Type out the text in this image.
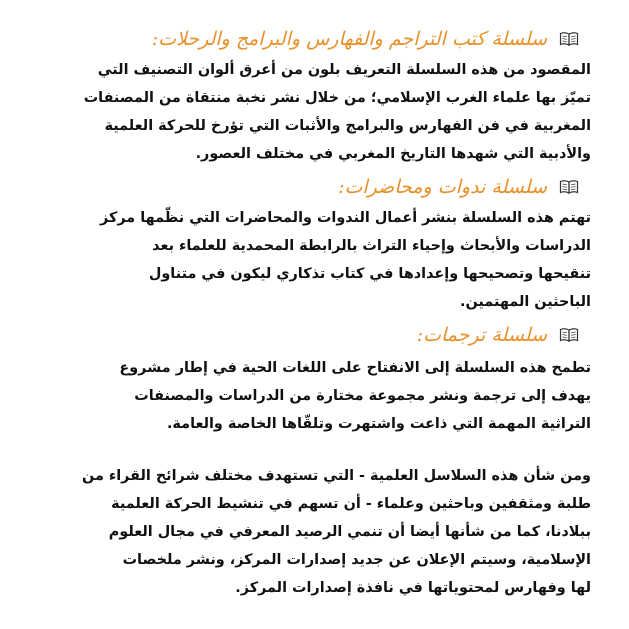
سلسلة كتب التراجم والفهارس والبرامج والرحلات:
المقصود من هذه السلسلة التعريف بلون من أعرق ألوان التصنيف التي
تميّز بها علماء الغرب الإسلامي؛ من خلال نشر نخبة منتقاة من المصنفات
المغربية في فن الفهارس والبرامج والأثبات التي تؤرخ للحركة العلمية
والأدبية التي شهدها التاريخ المغربي في مختلف العصور.
سلسلة ندوات ومحاضرات:
تهتم هذه السلسلة بنشر أعمال الندوات والمحاضرات التي نظّمها مركز
الدراسات والأبحاث وإحياء التراث بالرابطة المحمدية للعلماء بعد
تنقيحها وتصحيحها وإعدادها في كتاب تذكاري ليكون في متناول
الباحثين المهتمين.
سلسلة ترجمات:
تطمح هذه السلسلة إلى الانفتاح على اللغات الحية في إطار مشروع
يهدف إلى ترجمة ونشر مجموعة مختارة من الدراسات والمصنفات
التراثية المهمة التي ذاعت واشتهرت وتلقّاها الخاصة والعامة.
ومن شأن هذه السلاسل العلمية - التي تستهدف مختلف شرائح القراء من
طلبة ومثقفين وباحثين وعلماء - أن تسهم في تنشيط الحركة العلمية
ببلادنا، كما من شأنها أيضا أن تنمي الرصيد المعرفي في مجال العلوم
الإسلامية، وسيتم الإعلان عن جديد إصدارات المركز، ونشر ملخصات
لها وفهارس لمحتوياتها في نافذة إصدارات المركز.
